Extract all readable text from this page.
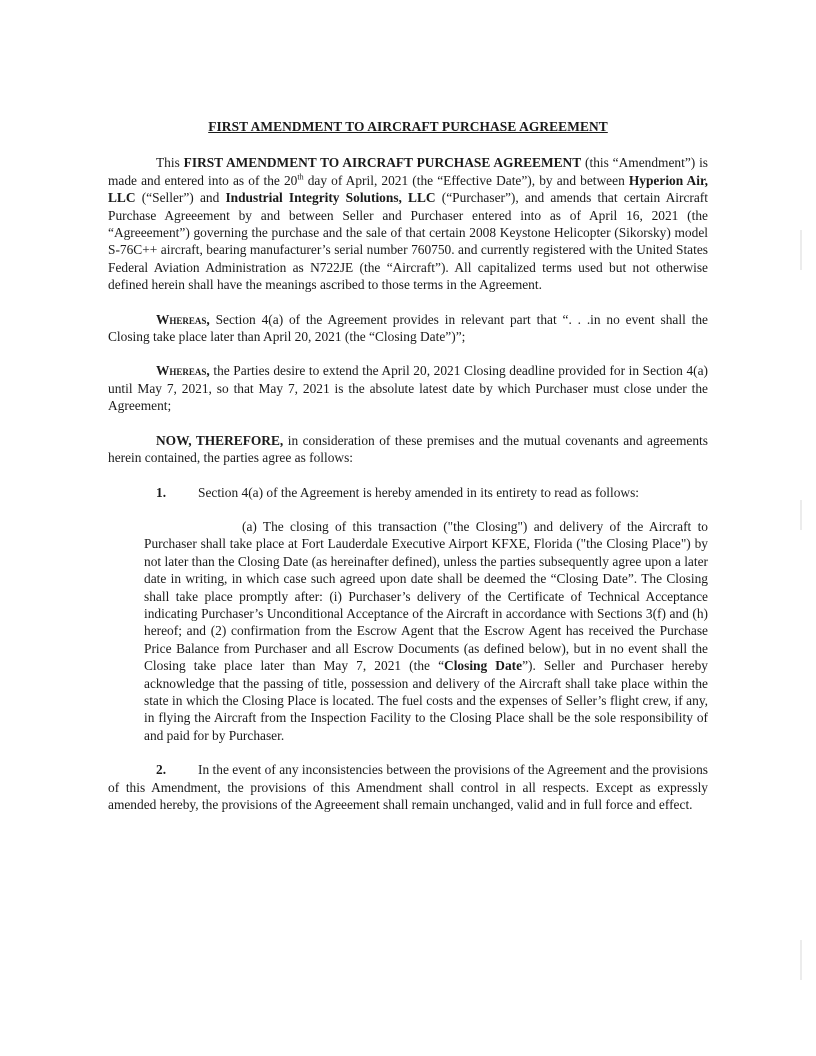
FIRST AMENDMENT TO AIRCRAFT PURCHASE AGREEMENT

This FIRST AMENDMENT TO AIRCRAFT PURCHASE AGREEMENT (this “Amendment”) is made and entered into as of the 20th day of April, 2021 (the “Effective Date”), by and between Hyperion Air, LLC (“Seller”) and Industrial Integrity Solutions, LLC (“Purchaser”), and amends that certain Aircraft Purchase Agreeement by and between Seller and Purchaser entered into as of April 16, 2021 (the “Agreeement”) governing the purchase and the sale of that certain 2008 Keystone Helicopter (Sikorsky) model S-76C++ aircraft, bearing manufacturer’s serial number 760750. and currently registered with the United States Federal Aviation Administration as N722JE (the “Aircraft”). All capitalized terms used but not otherwise defined herein shall have the meanings ascribed to those terms in the Agreement.

Whereas, Section 4(a) of the Agreement provides in relevant part that “. . .in no event shall the Closing take place later than April 20, 2021 (the “Closing Date”)”;

Whereas, the Parties desire to extend the April 20, 2021 Closing deadline provided for in Section 4(a) until May 7, 2021, so that May 7, 2021 is the absolute latest date by which Purchaser must close under the Agreement;

NOW, THEREFORE, in consideration of these premises and the mutual covenants and agreements herein contained, the parties agree as follows:

1.	Section 4(a) of the Agreement is hereby amended in its entirety to read as follows:

(a) The closing of this transaction ("the Closing") and delivery of the Aircraft to Purchaser shall take place at Fort Lauderdale Executive Airport KFXE, Florida ("the Closing Place") by not later than the Closing Date (as hereinafter defined), unless the parties subsequently agree upon a later date in writing, in which case such agreed upon date shall be deemed the “Closing Date”. The Closing shall take place promptly after: (i) Purchaser’s delivery of the Certificate of Technical Acceptance indicating Purchaser’s Unconditional Acceptance of the Aircraft in accordance with Sections 3(f) and (h) hereof; and (2) confirmation from the Escrow Agent that the Escrow Agent has received the Purchase Price Balance from Purchaser and all Escrow Documents (as defined below), but in no event shall the Closing take place later than May 7, 2021 (the “Closing Date”). Seller and Purchaser hereby acknowledge that the passing of title, possession and delivery of the Aircraft shall take place within the state in which the Closing Place is located. The fuel costs and the expenses of Seller’s flight crew, if any, in flying the Aircraft from the Inspection Facility to the Closing Place shall be the sole responsibility of and paid for by Purchaser.

2. In the event of any inconsistencies between the provisions of the Agreement and the provisions of this Amendment, the provisions of this Amendment shall control in all respects. Except as expressly amended hereby, the provisions of the Agreeement shall remain unchanged, valid and in full force and effect.
